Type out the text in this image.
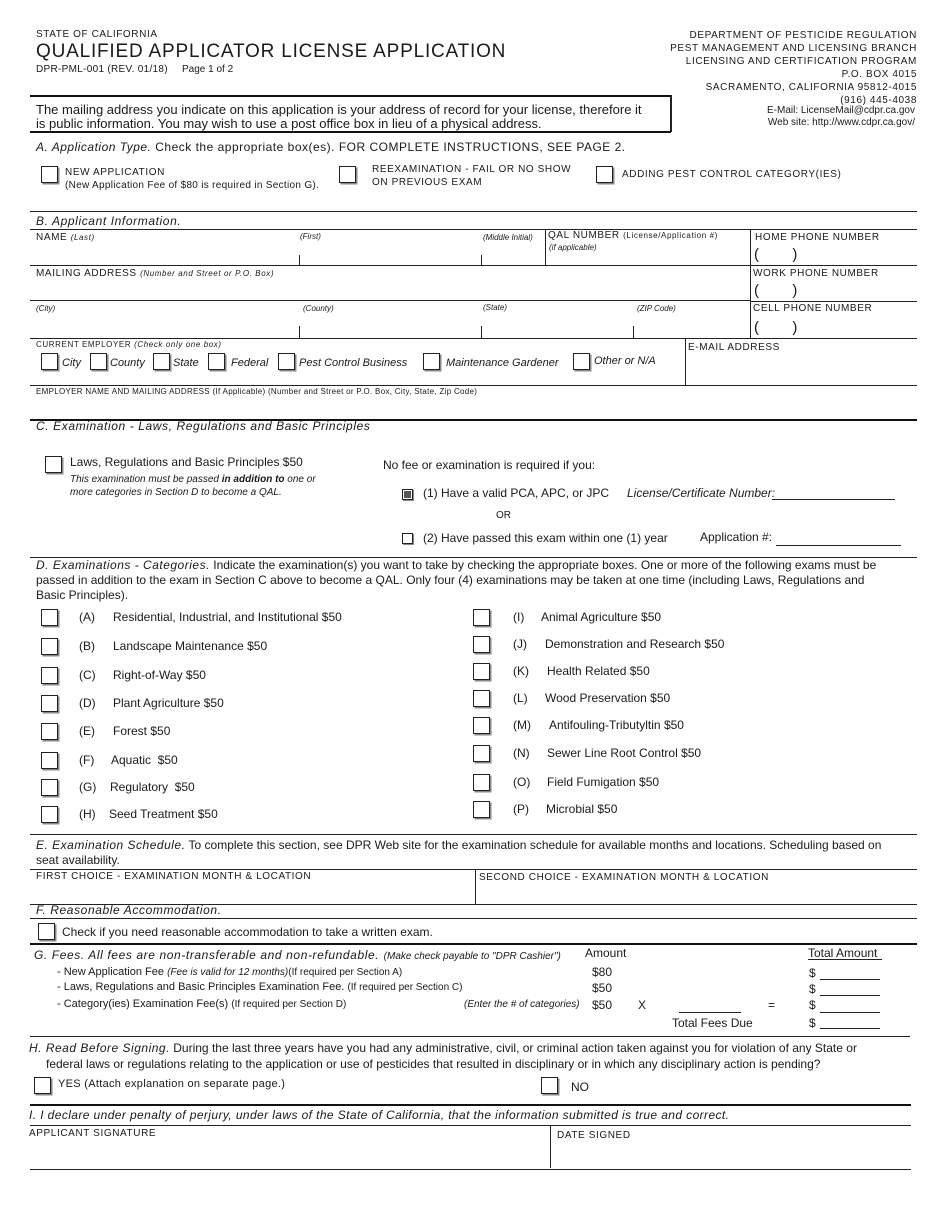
STATE OF CALIFORNIA
QUALIFIED APPLICATOR LICENSE APPLICATION
DPR-PML-001 (REV. 01/18) Page 1 of 2
DEPARTMENT OF PESTICIDE REGULATION
PEST MANAGEMENT AND LICENSING BRANCH
LICENSING AND CERTIFICATION PROGRAM
P.O. BOX 4015
SACRAMENTO, CALIFORNIA 95812-4015
(916) 445-4038
E-Mail: LicenseMail@cdpr.ca.gov
Web site: http://www.cdpr.ca.gov/
The mailing address you indicate on this application is your address of record for your license, therefore it
is public information. You may wish to use a post office box in lieu of a physical address.
A. Application Type. Check the appropriate box(es). FOR COMPLETE INSTRUCTIONS, SEE PAGE 2.
NEW APPLICATION
(New Application Fee of $80 is required in Section G).
REEXAMINATION - FAIL OR NO SHOW
ON PREVIOUS EXAM
ADDING PEST CONTROL CATEGORY(IES)
B. Applicant Information.
NAME (Last)	(First)	(Middle Initial) QAL NUMBER (License/Application #)
(if applicable)
HOME PHONE NUMBER
(        )
WORK PHONE NUMBER
(        )
CELL PHONE NUMBER
(        )
MAILING ADDRESS (Number and Street or P.O. Box)
(City)	(County)	(State)	(ZIP Code)
CURRENT EMPLOYER (Check only one box)
City	County	State	Federal	Pest Control Business	Maintenance Gardener	Other or N/A
E-MAIL ADDRESS
EMPLOYER NAME AND MAILING ADDRESS (If Applicable) (Number and Street or P.O. Box, City, State, Zip Code)
C. Examination - Laws, Regulations and Basic Principles
Laws, Regulations and Basic Principles $50
This examination must be passed in addition to one or
more categories in Section D to become a QAL.
No fee or examination is required if you:
(1) Have a valid PCA, APC, or JPC License/Certificate Number:
OR
(2) Have passed this exam within one (1) year	Application #:
D. Examinations - Categories. Indicate the examination(s) you want to take by checking the appropriate boxes. One or more of the following exams must be
passed in addition to the exam in Section C above to become a QAL. Only four (4) examinations may be taken at one time (including Laws, Regulations and
Basic Principles).
(A) Residential, Industrial, and Institutional $50
(B) Landscape Maintenance $50
(C) Right-of-Way $50
(D) Plant Agriculture $50
(E) Forest $50
(F) Aquatic  $50
(G) Regulatory  $50
(H) Seed Treatment $50
(I) Animal Agriculture $50
(J) Demonstration and Research $50
(K) Health Related $50
(L) Wood Preservation $50
(M) Antifouling-Tributyltin $50
(N) Sewer Line Root Control $50
(O) Field Fumigation $50
(P) Microbial $50
E. Examination Schedule. To complete this section, see DPR Web site for the examination schedule for available months and locations. Scheduling based on
seat availability.
FIRST CHOICE - EXAMINATION MONTH & LOCATION	SECOND CHOICE - EXAMINATION MONTH & LOCATION
F. Reasonable Accommodation.
Check if you need reasonable accommodation to take a written exam.
G. Fees. All fees are non-transferable and non-refundable. (Make check payable to "DPR Cashier") Amount	Total Amount
- New Application Fee (Fee is valid for 12 months)(If required per Section A)	$80	$
- Laws, Regulations and Basic Principles Examination Fee. (If required per Section C)	$50	$
- Category(ies) Examination Fee(s) (If required per Section D)	(Enter the # of categories) $50 X	=	$
Total Fees Due	$
H. Read Before Signing. During the last three years have you had any administrative, civil, or criminal action taken against you for violation of any State or
federal laws or regulations relating to the application or use of pesticides that resulted in disciplinary or in which any disciplinary action is pending?
YES (Attach explanation on separate page.)	NO
I. I declare under penalty of perjury, under laws of the State of California, that the information submitted is true and correct.
APPLICANT SIGNATURE	DATE SIGNED
